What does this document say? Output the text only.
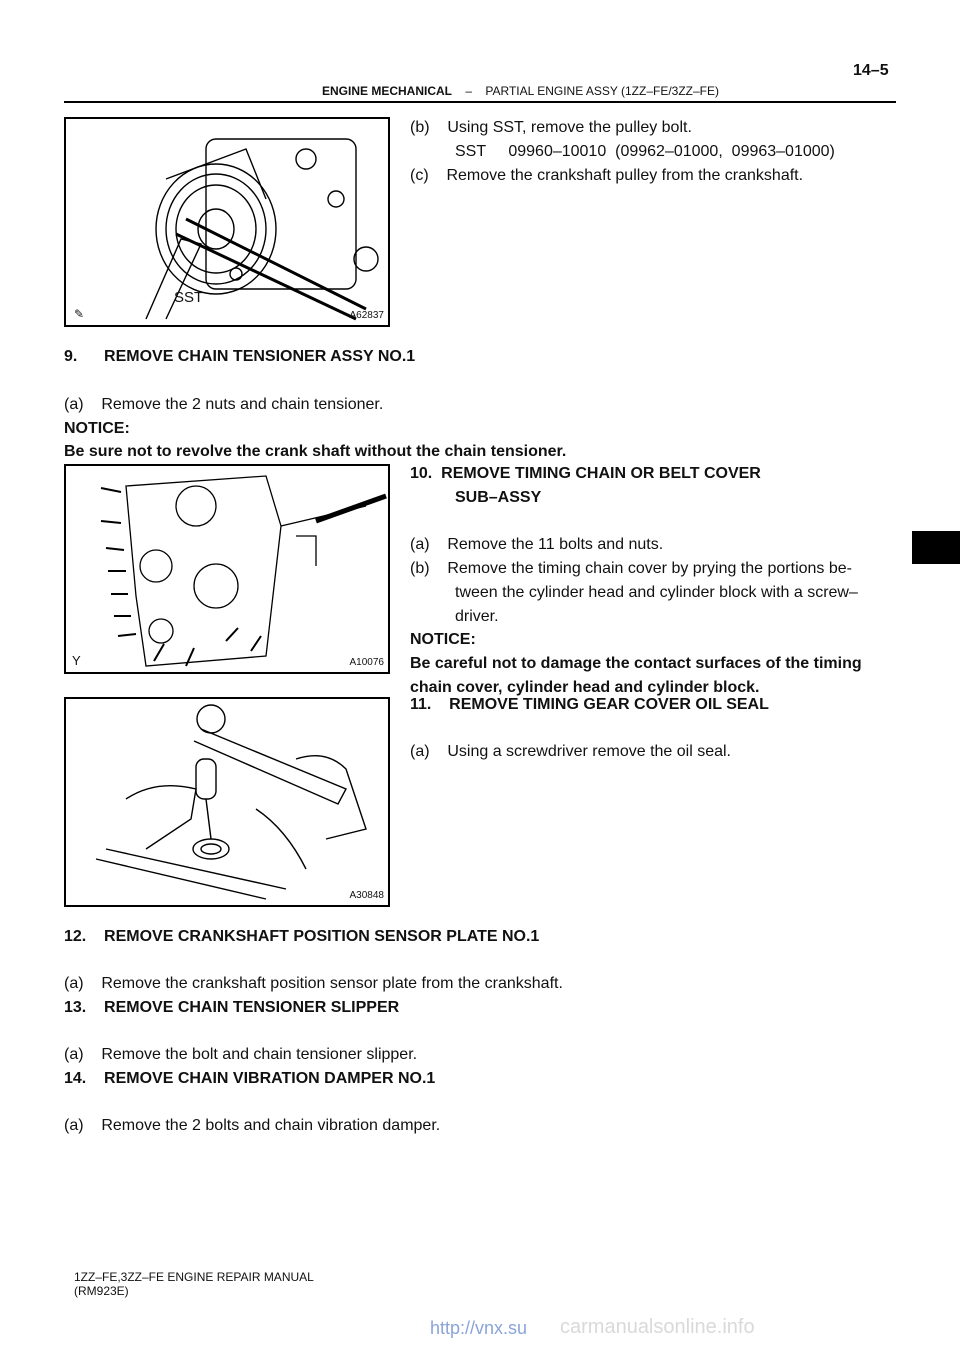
14–5
ENGINE MECHANICAL – PARTIAL ENGINE ASSY (1ZZ–FE/3ZZ–FE)
SST
✎	A62837
(b)    Using SST, remove the pulley bolt.
SST     09960–10010  (09962–01000,  09963–01000)
(c)    Remove the crankshaft pulley from the crankshaft.
9.      REMOVE CHAIN TENSIONER ASSY NO.1
(a)    Remove the 2 nuts and chain tensioner.
NOTICE:
Be sure not to revolve the crank shaft without the chain tensioner.
Y	A10076
10.  REMOVE TIMING CHAIN OR BELT COVER
SUB–ASSY
(a)    Remove the 11 bolts and nuts.
(b)    Remove the timing chain cover by prying the portions be-
tween the cylinder head and cylinder block with a screw–
driver.
NOTICE:
Be careful not to damage the contact surfaces of the timing
chain cover, cylinder head and cylinder block.
A30848
11.    REMOVE TIMING GEAR COVER OIL SEAL
(a)    Using a screwdriver remove the oil seal.
12.    REMOVE CRANKSHAFT POSITION SENSOR PLATE NO.1
(a)    Remove the crankshaft position sensor plate from the crankshaft.
13.    REMOVE CHAIN TENSIONER SLIPPER
(a)    Remove the bolt and chain tensioner slipper.
14.    REMOVE CHAIN VIBRATION DAMPER NO.1
(a)    Remove the 2 bolts and chain vibration damper.
1ZZ–FE,3ZZ–FE ENGINE REPAIR MANUAL
(RM923E)
http://vnx.su carmanualsonline.info
